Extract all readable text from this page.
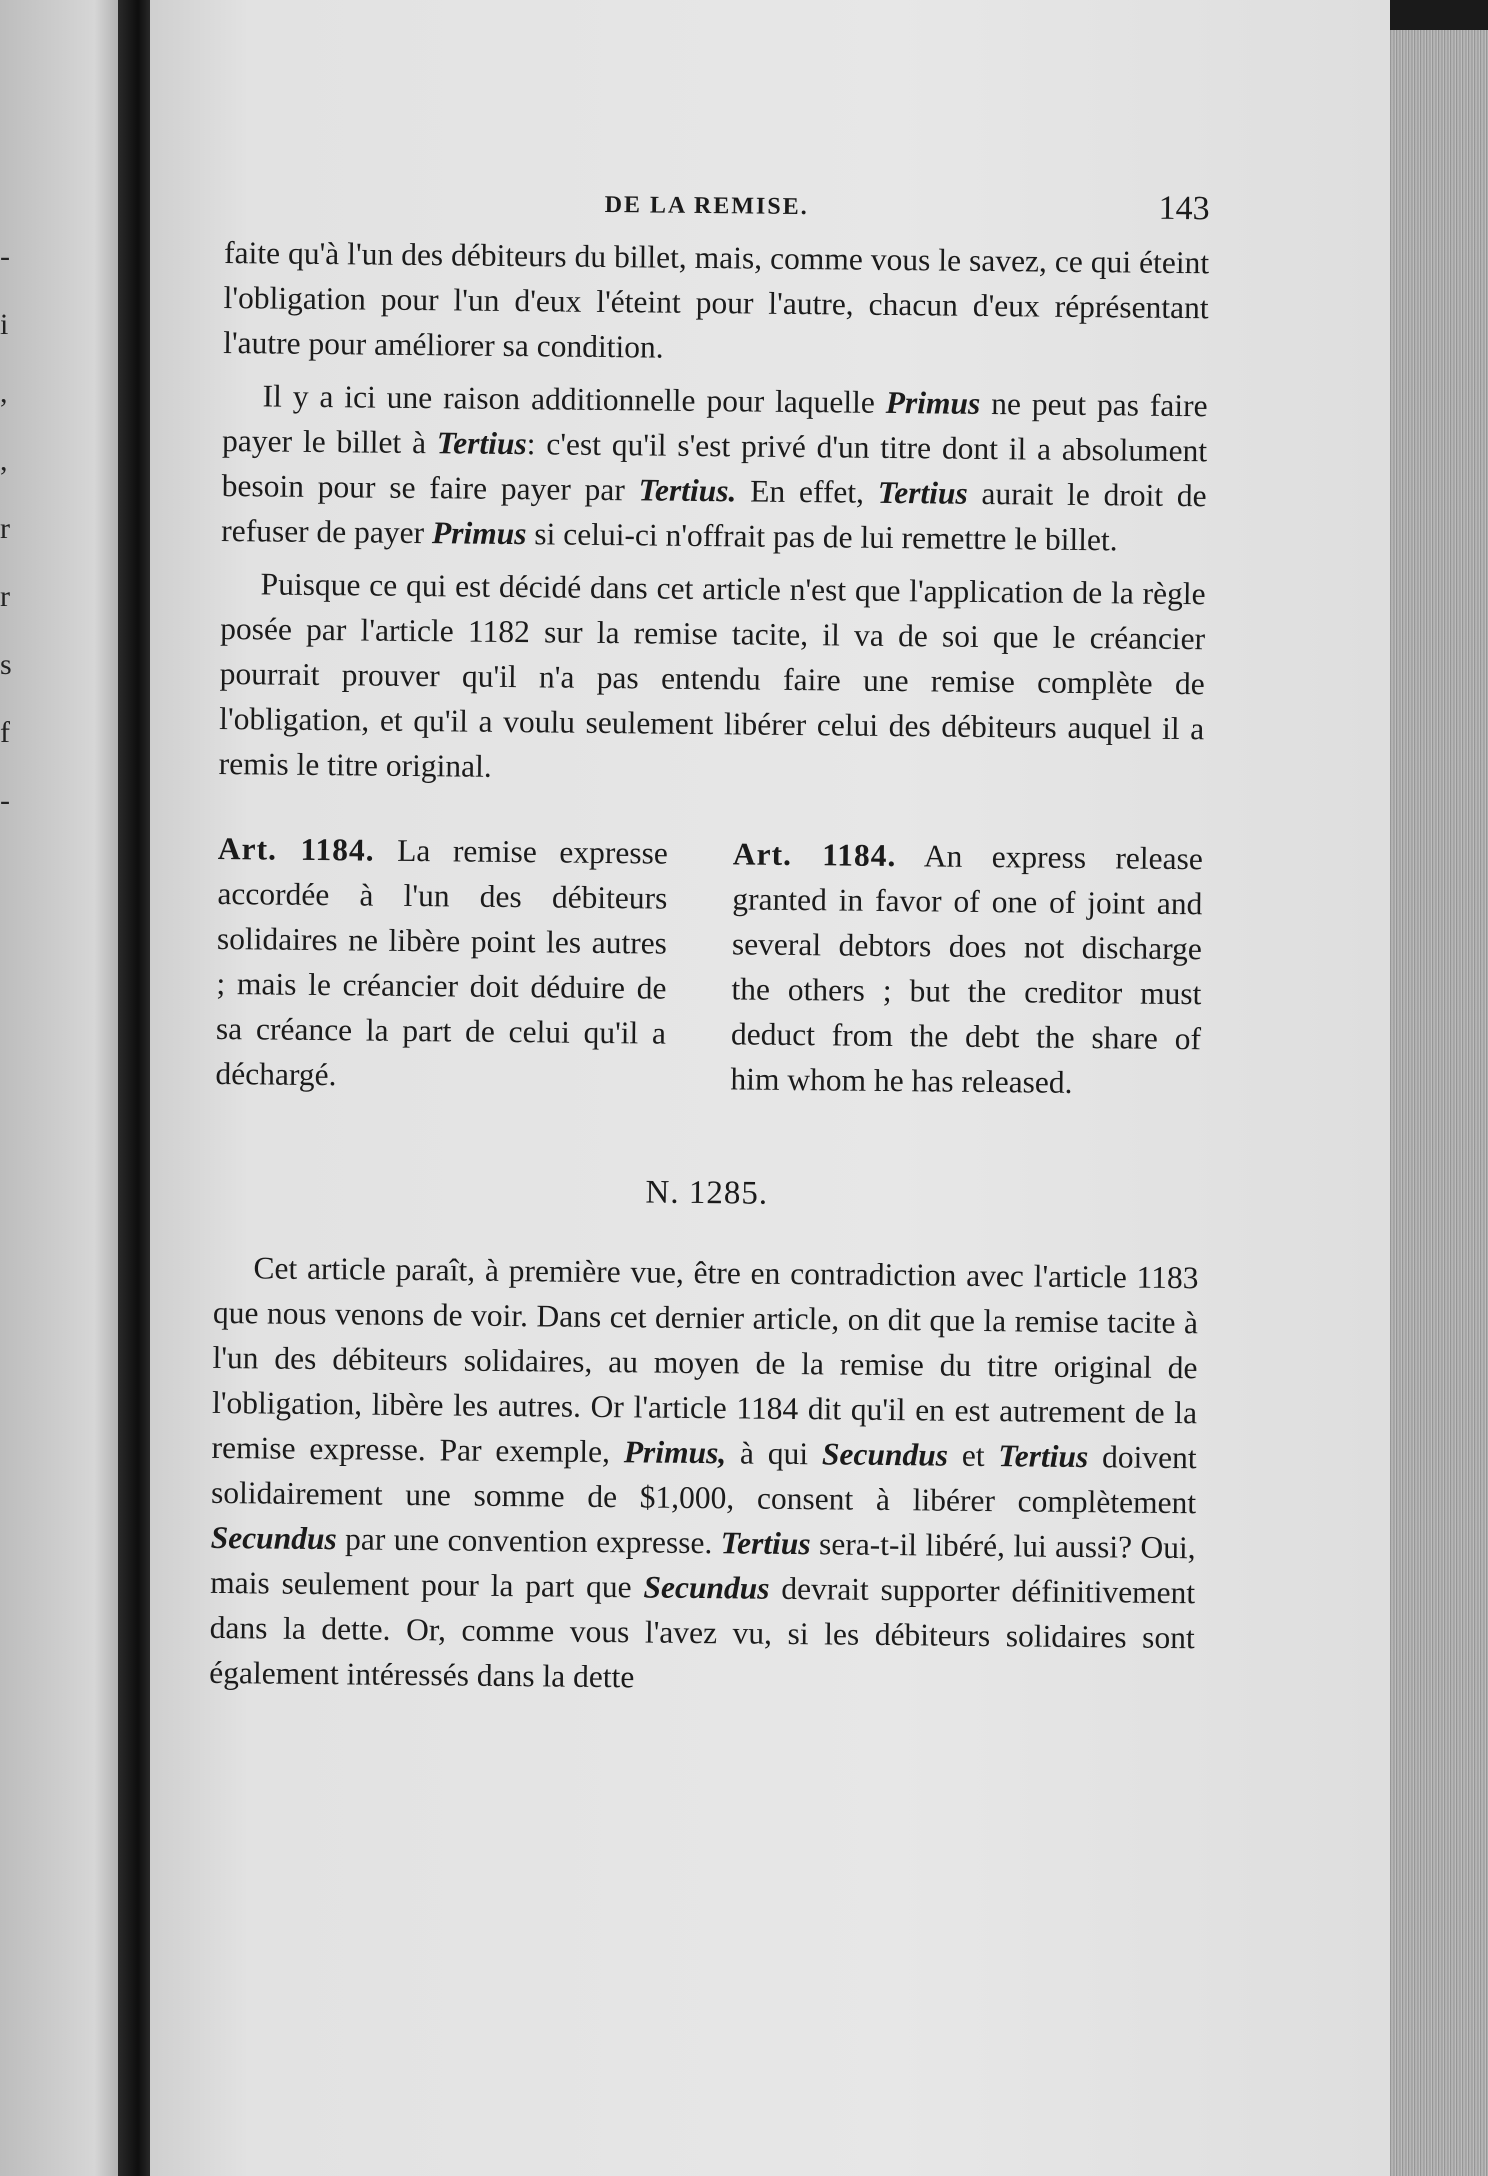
-
i
,
,
r
r
s
f
-
DE LA REMISE.	143

faite qu'à l'un des débiteurs du billet, mais, comme vous le savez, ce qui éteint l'obligation pour l'un d'eux l'éteint pour l'autre, chacun d'eux réprésentant l'autre pour améliorer sa condition.

Il y a ici une raison additionnelle pour laquelle Primus ne peut pas faire payer le billet à Tertius: c'est qu'il s'est privé d'un titre dont il a absolument besoin pour se faire payer par Tertius. En effet, Tertius aurait le droit de refuser de payer Primus si celui-ci n'offrait pas de lui remettre le billet.

Puisque ce qui est décidé dans cet article n'est que l'application de la règle posée par l'article 1182 sur la remise tacite, il va de soi que le créancier pourrait prouver qu'il n'a pas entendu faire une remise complète de l'obligation, et qu'il a voulu seulement libérer celui des débiteurs auquel il a remis le titre original.

Art. 1184. La remise expresse accordée à l'un des débiteurs solidaires ne libère point les autres ; mais le créancier doit déduire de sa créance la part de celui qu'il a déchargé.
Art. 1184. An express release granted in favor of one of joint and several debtors does not discharge the others ; but the creditor must deduct from the debt the share of him whom he has released.
N. 1285.

Cet article paraît, à première vue, être en contradiction avec l'article 1183 que nous venons de voir. Dans cet dernier article, on dit que la remise tacite à l'un des débiteurs solidaires, au moyen de la remise du titre original de l'obligation, libère les autres. Or l'article 1184 dit qu'il en est autrement de la remise expresse. Par exemple, Primus, à qui Secundus et Tertius doivent solidairement une somme de $1,000, consent à libérer complètement Secundus par une convention expresse. Tertius sera-t-il libéré, lui aussi? Oui, mais seulement pour la part que Secundus devrait supporter définitivement dans la dette. Or, comme vous l'avez vu, si les débiteurs solidaires sont également intéressés dans la dette
